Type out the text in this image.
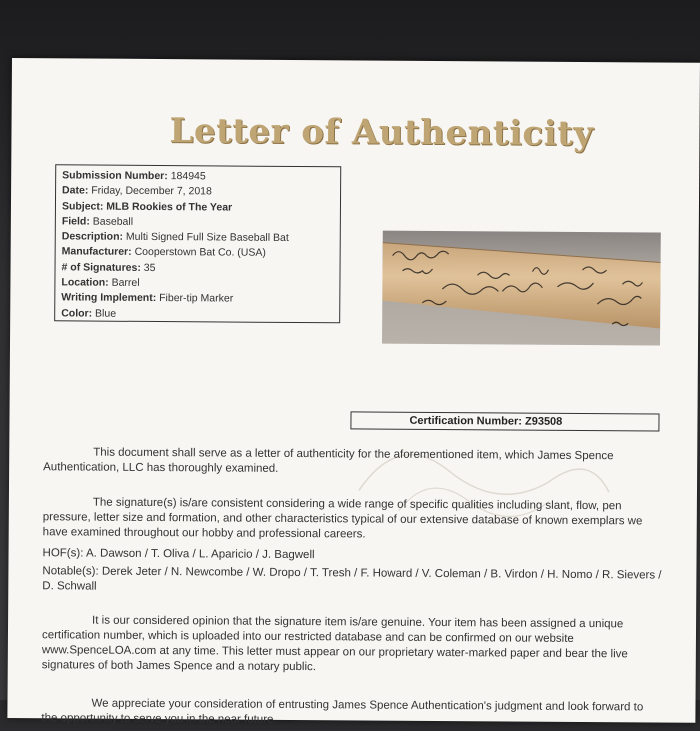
Letter of Authenticity
Submission Number: 184945
Date: Friday, December 7, 2018
Subject: MLB Rookies of The Year
Field: Baseball
Description: Multi Signed Full Size Baseball Bat
Manufacturer: Cooperstown Bat Co. (USA)
# of Signatures: 35
Location: Barrel
Writing Implement: Fiber-tip Marker
Color: Blue
Certification Number: Z93508
This document shall serve as a letter of authenticity for the aforementioned item, which James Spence Authentication, LLC has thoroughly examined.
The signature(s) is/are consistent considering a wide range of specific qualities including slant, flow, pen pressure, letter size and formation, and other characteristics typical of our extensive database of known exemplars we have examined throughout our hobby and professional careers.
HOF(s): A. Dawson / T. Oliva / L. Aparicio / J. Bagwell
Notable(s): Derek Jeter / N. Newcombe / W. Dropo / T. Tresh / F. Howard / V. Coleman / B. Virdon / H. Nomo / R. Sievers / D. Schwall
It is our considered opinion that the signature item is/are genuine. Your item has been assigned a unique certification number, which is uploaded into our restricted database and can be confirmed on our website www.SpenceLOA.com at any time. This letter must appear on our proprietary water-marked paper and bear the live signatures of both James Spence and a notary public.
We appreciate your consideration of entrusting James Spence Authentication's judgment and look forward to the opportunity to serve you in the near future.
